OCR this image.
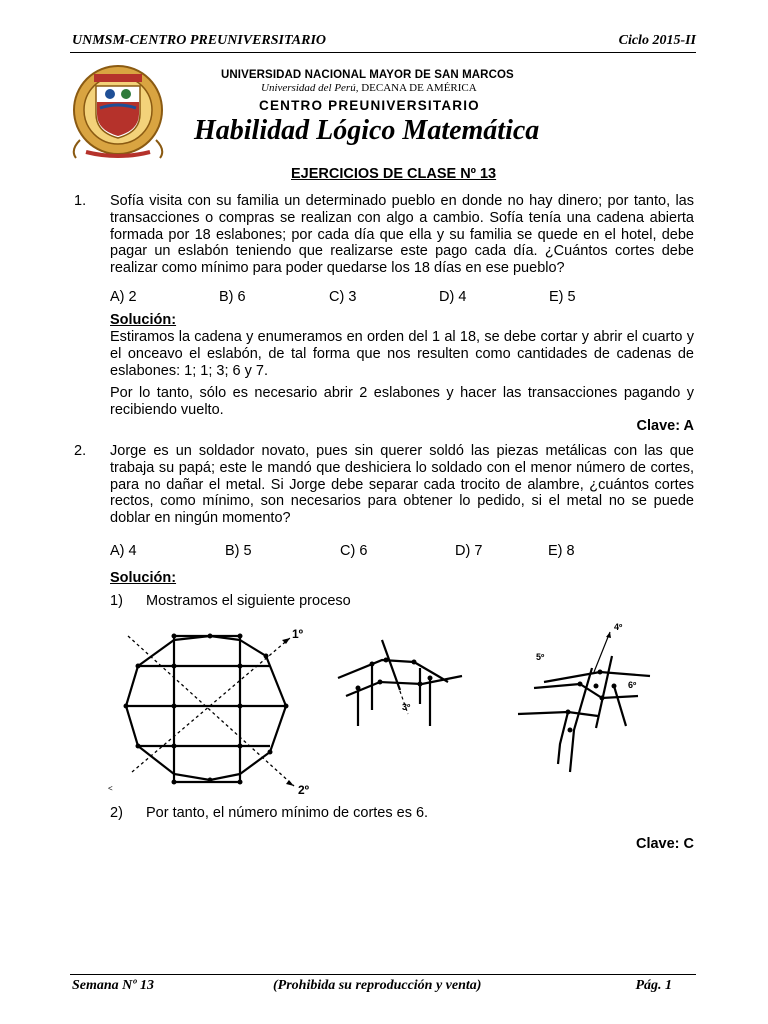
UNMSM-CENTRO PREUNIVERSITARIO	Ciclo 2015-II
UNIVERSIDAD NACIONAL MAYOR DE SAN MARCOS
Universidad del Perú, DECANA DE AMÉRICA
CENTRO PREUNIVERSITARIO
Habilidad Lógico Matemática
EJERCICIOS DE CLASE Nº 13
1. Sofía visita con su familia un determinado pueblo en donde no hay dinero; por tanto, las transacciones o compras se realizan con algo a cambio. Sofía tenía una cadena abierta formada por 18 eslabones; por cada día que ella y su familia se quede en el hotel, debe pagar un eslabón teniendo que realizarse este pago cada día. ¿Cuántos cortes debe realizar como mínimo para poder quedarse los 18 días en ese pueblo?
A) 2	B) 6	C) 3	D) 4	E) 5
Solución:
Estiramos la cadena y enumeramos en orden del 1 al 18, se debe cortar y abrir el cuarto y el onceavo el eslabón, de tal forma que nos resulten como cantidades de cadenas de eslabones: 1; 1; 3; 6 y 7.
Por lo tanto, sólo es necesario abrir 2 eslabones y hacer las transacciones pagando y recibiendo vuelto.
Clave: A
2. Jorge es un soldador novato, pues sin querer soldó las piezas metálicas con las que trabaja su papá; este le mandó que deshiciera lo soldado con el menor número de cortes, para no dañar el metal. Si Jorge debe separar cada trocito de alambre, ¿cuántos cortes rectos, como mínimo, son necesarios para obtener lo pedido, si el metal no se puede doblar en ningún momento?
A) 4	B) 5	C) 6	D) 7	E) 8
Solución:
1) Mostramos el siguiente proceso
1º
2º
3º
4º
5º
6º
<
2) Por tanto, el número mínimo de cortes es 6.
Clave: C
Semana Nº 13	(Prohibida su reproducción y venta)	Pág. 1
